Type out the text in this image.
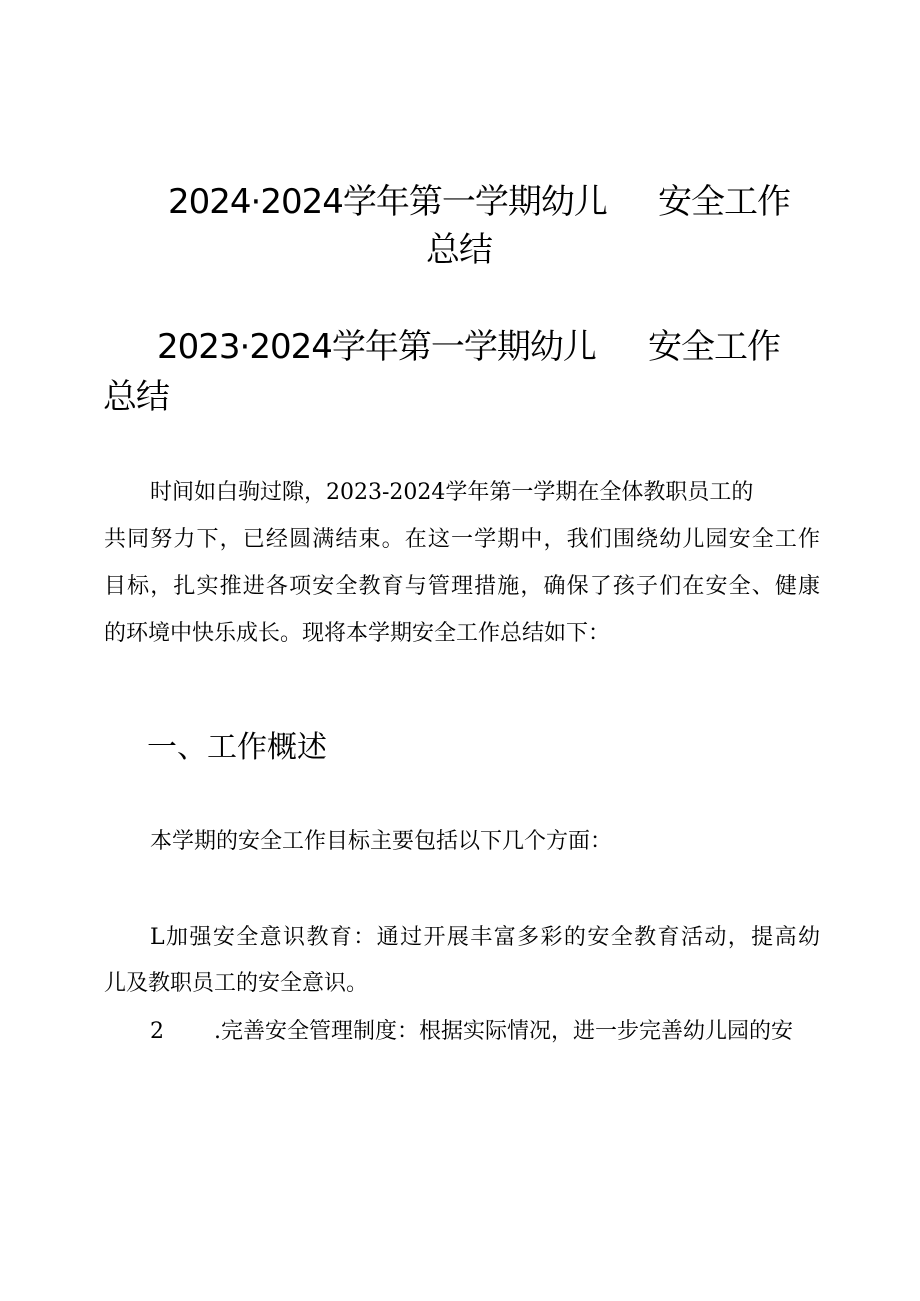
2024·2024学年第一学期幼儿 安全工作
总结
2023·2024学年第一学期幼儿 安全工作
总结
时间如白驹过隙，2023-2024学年第一学期在全体教职员工的
共同努力下，已经圆满结束。在这一学期中，我们围绕幼儿园安全工作
目标，扎实推进各项安全教育与管理措施，确保了孩子们在安全、健康
的环境中快乐成长。现将本学期安全工作总结如下：
一、工作概述
本学期的安全工作目标主要包括以下几个方面：
L加强安全意识教育：通过开展丰富多彩的安全教育活动，提高幼
儿及教职员工的安全意识。
2 .完善安全管理制度：根据实际情况，进一步完善幼儿园的安
